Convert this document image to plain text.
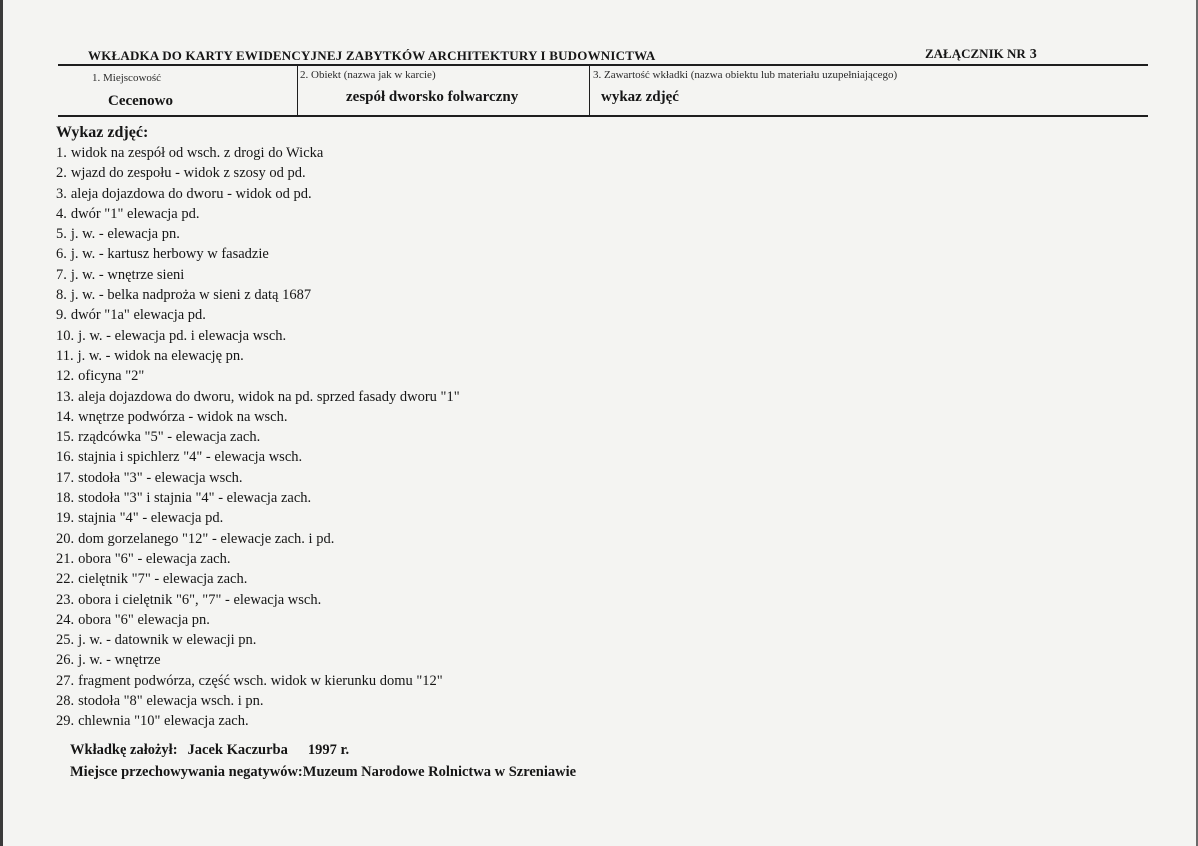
WKŁADKA DO KARTY EWIDENCYJNEJ ZABYTKÓW ARCHITEKTURY I BUDOWNICTWA	ZAŁĄCZNIK NR 3
1. Miejscowość
Cecenowo
2. Obiekt (nazwa jak w karcie)
zespół dworsko folwarczny
3. Zawartość wkładki (nazwa obiektu lub materiału uzupełniającego)
wykaz zdjęć
Wykaz zdjęć:
1. widok na zespół od wsch. z drogi do Wicka
2. wjazd do zespołu - widok z szosy od pd.
3. aleja dojazdowa do dworu - widok od pd.
4. dwór "1" elewacja pd.
5. j. w. - elewacja pn.
6. j. w. - kartusz herbowy w fasadzie
7. j. w. - wnętrze sieni
8. j. w. - belka nadproża w sieni z datą 1687
9. dwór "1a" elewacja pd.
10. j. w. - elewacja pd. i elewacja wsch.
11. j. w. - widok na elewację pn.
12. oficyna "2"
13. aleja dojazdowa do dworu, widok na pd. sprzed fasady dworu "1"
14. wnętrze podwórza - widok na wsch.
15. rządcówka "5" - elewacja zach.
16. stajnia i spichlerz "4" - elewacja wsch.
17. stodoła "3" - elewacja wsch.
18. stodoła "3" i stajnia "4" - elewacja zach.
19. stajnia "4" - elewacja pd.
20. dom gorzelanego "12" - elewacje zach. i pd.
21. obora "6" - elewacja zach.
22. cielętnik "7" - elewacja zach.
23. obora i cielętnik "6", "7" - elewacja wsch.
24. obora "6" elewacja pn.
25. j. w. - datownik w elewacji pn.
26. j. w. - wnętrze
27. fragment podwórza, część wsch. widok w kierunku domu "12"
28. stodoła "8" elewacja wsch. i pn.
29. chlewnia "10" elewacja zach.
Wkładkę założył: Jacek Kaczurba 1997 r.
Miejsce przechowywania negatywów:Muzeum Narodowe Rolnictwa w Szreniawie
